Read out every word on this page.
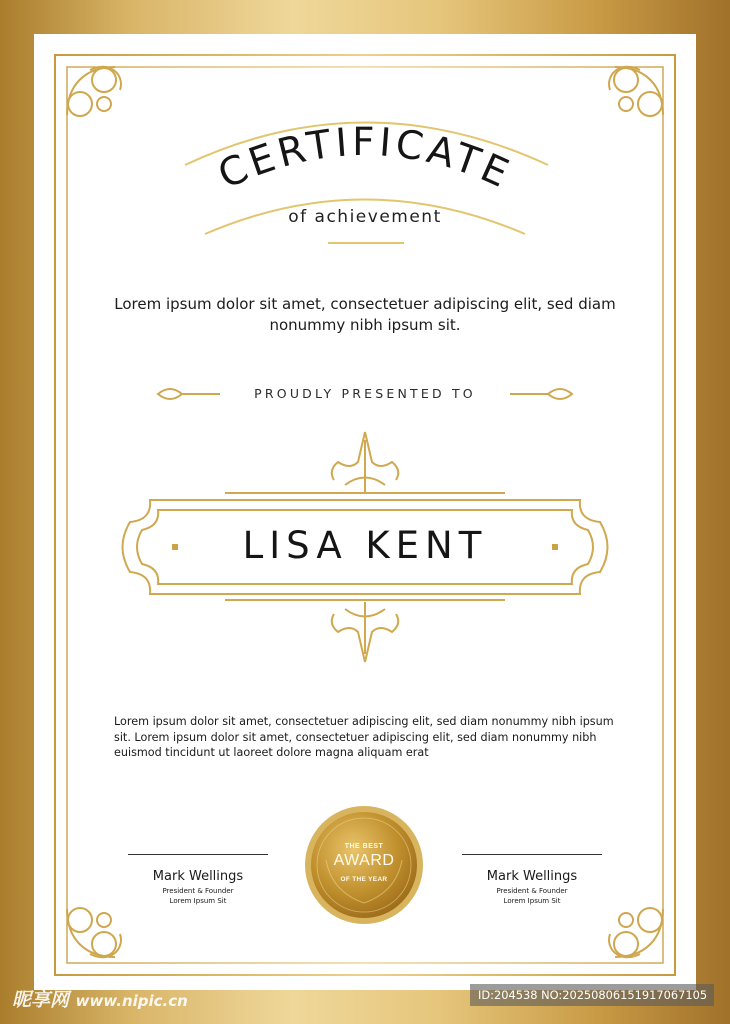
CERTIFICATE
of achievement
Lorem ipsum dolor sit amet, consectetuer adipiscing elit, sed diam nonummy nibh ipsum sit.
PROUDLY PRESENTED TO
LISA KENT
Lorem ipsum dolor sit amet, consectetuer adipiscing elit, sed diam nonummy nibh ipsum sit. Lorem ipsum dolor sit amet, consectetuer adipiscing elit, sed diam nonummy nibh euismod tincidunt ut laoreet dolore magna aliquam erat
Mark Wellings
President & Founder
Lorem Ipsum Sit
Mark Wellings
President & Founder
Lorem Ipsum Sit
THE BEST
AWARD
OF THE YEAR
昵享网 www.nipic.cn	ID:204538 NO:20250806151917067105
